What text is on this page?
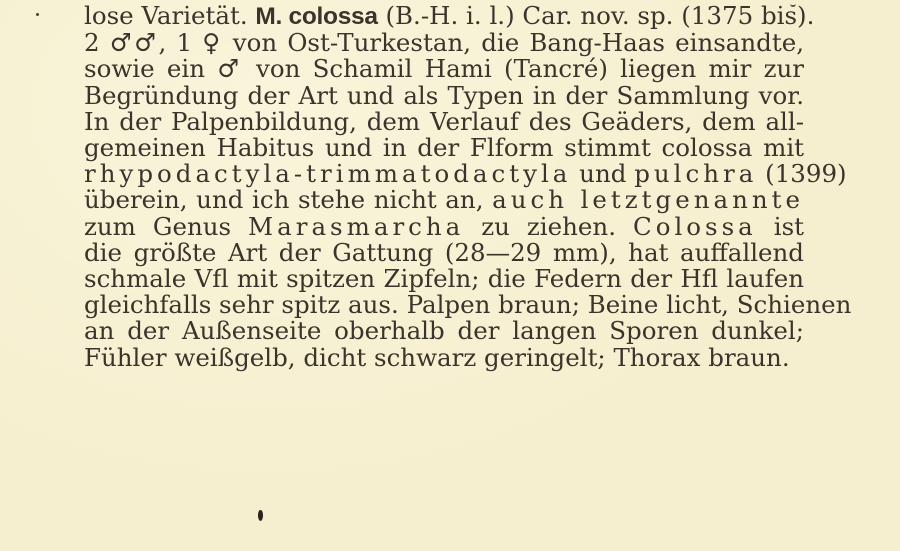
lose Varietät. M. colossa (B.-H. i. l.) Car. nov. sp. (1375 bis).
2 ♂♂, 1 ♀ von Ost-Turkestan, die Bang-Haas einsandte,
sowie ein ♂ von Schamil Hami (Tancré) liegen mir zur
Begründung der Art und als Typen in der Sammlung vor.
In der Palpenbildung, dem Verlauf des Geäders, dem all-
gemeinen Habitus und in der Flform stimmt colossa mit
rhypodactyla-trimmatodactyla und pulchra (1399)
überein, und ich stehe nicht an, auch letztgenannte
zum Genus Marasmarcha zu ziehen. Colossa ist
die größte Art der Gattung (28—29 mm), hat auffallend
schmale Vfl mit spitzen Zipfeln; die Federn der Hfl laufen
gleichfalls sehr spitz aus. Palpen braun; Beine licht, Schienen
an der Außenseite oberhalb der langen Sporen dunkel;
Fühler weißgelb, dicht schwarz geringelt; Thorax braun.
